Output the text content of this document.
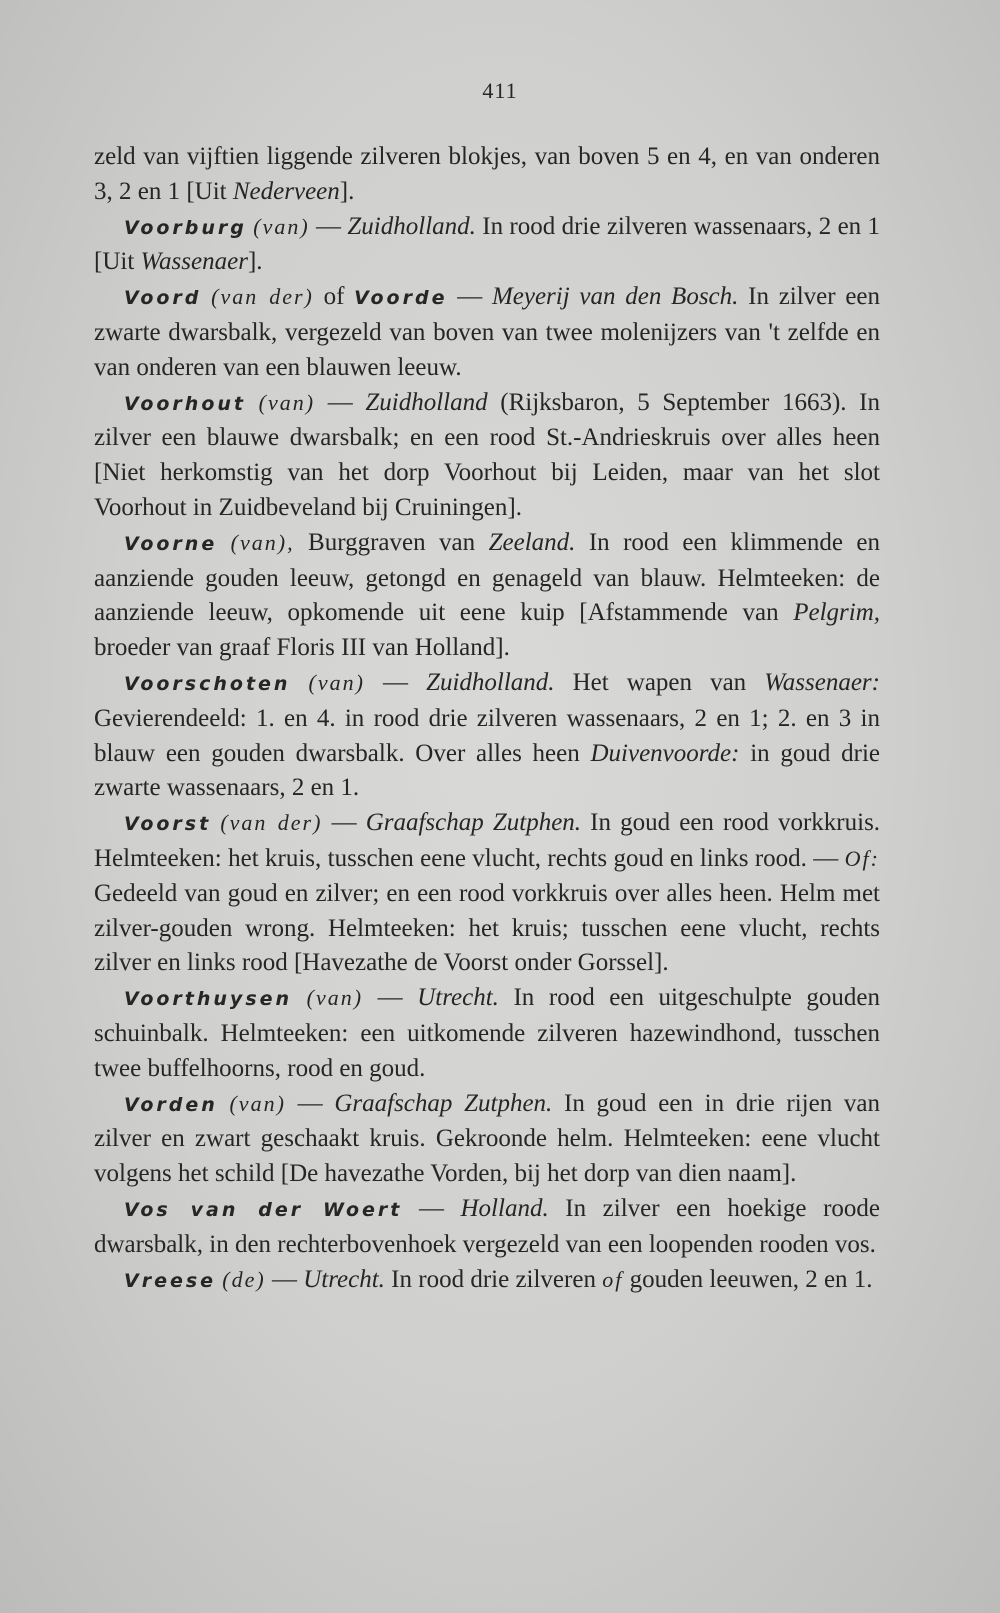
411

zeld van vijftien liggende zilveren blokjes, van boven 5 en 4, en van onderen 3, 2 en 1 [Uit Nederveen].

Voorburg (van) — Zuidholland. In rood drie zilveren wassenaars, 2 en 1 [Uit Wassenaer].

Voord (van der) of Voorde — Meyerij van den Bosch. In zilver een zwarte dwarsbalk, vergezeld van boven van twee molenijzers van 't zelfde en van onderen van een blauwen leeuw.

Voorhout (van) — Zuidholland (Rijksbaron, 5 September 1663). In zilver een blauwe dwarsbalk; en een rood St.-Andrieskruis over alles heen [Niet herkomstig van het dorp Voorhout bij Leiden, maar van het slot Voorhout in Zuidbeveland bij Cruiningen].

Voorne (van), Burggraven van Zeeland. In rood een klimmende en aanziende gouden leeuw, getongd en genageld van blauw. Helmteeken: de aanziende leeuw, opkomende uit eene kuip [Afstammende van Pelgrim, broeder van graaf Floris III van Holland].

Voorschoten (van) — Zuidholland. Het wapen van Wassenaer: Gevierendeeld: 1. en 4. in rood drie zilveren wassenaars, 2 en 1; 2. en 3 in blauw een gouden dwarsbalk. Over alles heen Duivenvoorde: in goud drie zwarte wassenaars, 2 en 1.

Voorst (van der) — Graafschap Zutphen. In goud een rood vorkkruis. Helmteeken: het kruis, tusschen eene vlucht, rechts goud en links rood. — Of: Gedeeld van goud en zilver; en een rood vorkkruis over alles heen. Helm met zilver-gouden wrong. Helmteeken: het kruis; tusschen eene vlucht, rechts zilver en links rood [Havezathe de Voorst onder Gorssel].

Voorthuysen (van) — Utrecht. In rood een uitgeschulpte gouden schuinbalk. Helmteeken: een uitkomende zilveren hazewindhond, tusschen twee buffelhoorns, rood en goud.

Vorden (van) — Graafschap Zutphen. In goud een in drie rijen van zilver en zwart geschaakt kruis. Gekroonde helm. Helmteeken: eene vlucht volgens het schild [De havezathe Vorden, bij het dorp van dien naam].

Vos van der Woert — Holland. In zilver een hoekige roode dwarsbalk, in den rechterbovenhoek vergezeld van een loopenden rooden vos.

Vreese (de) — Utrecht. In rood drie zilveren of gouden leeuwen, 2 en 1.
